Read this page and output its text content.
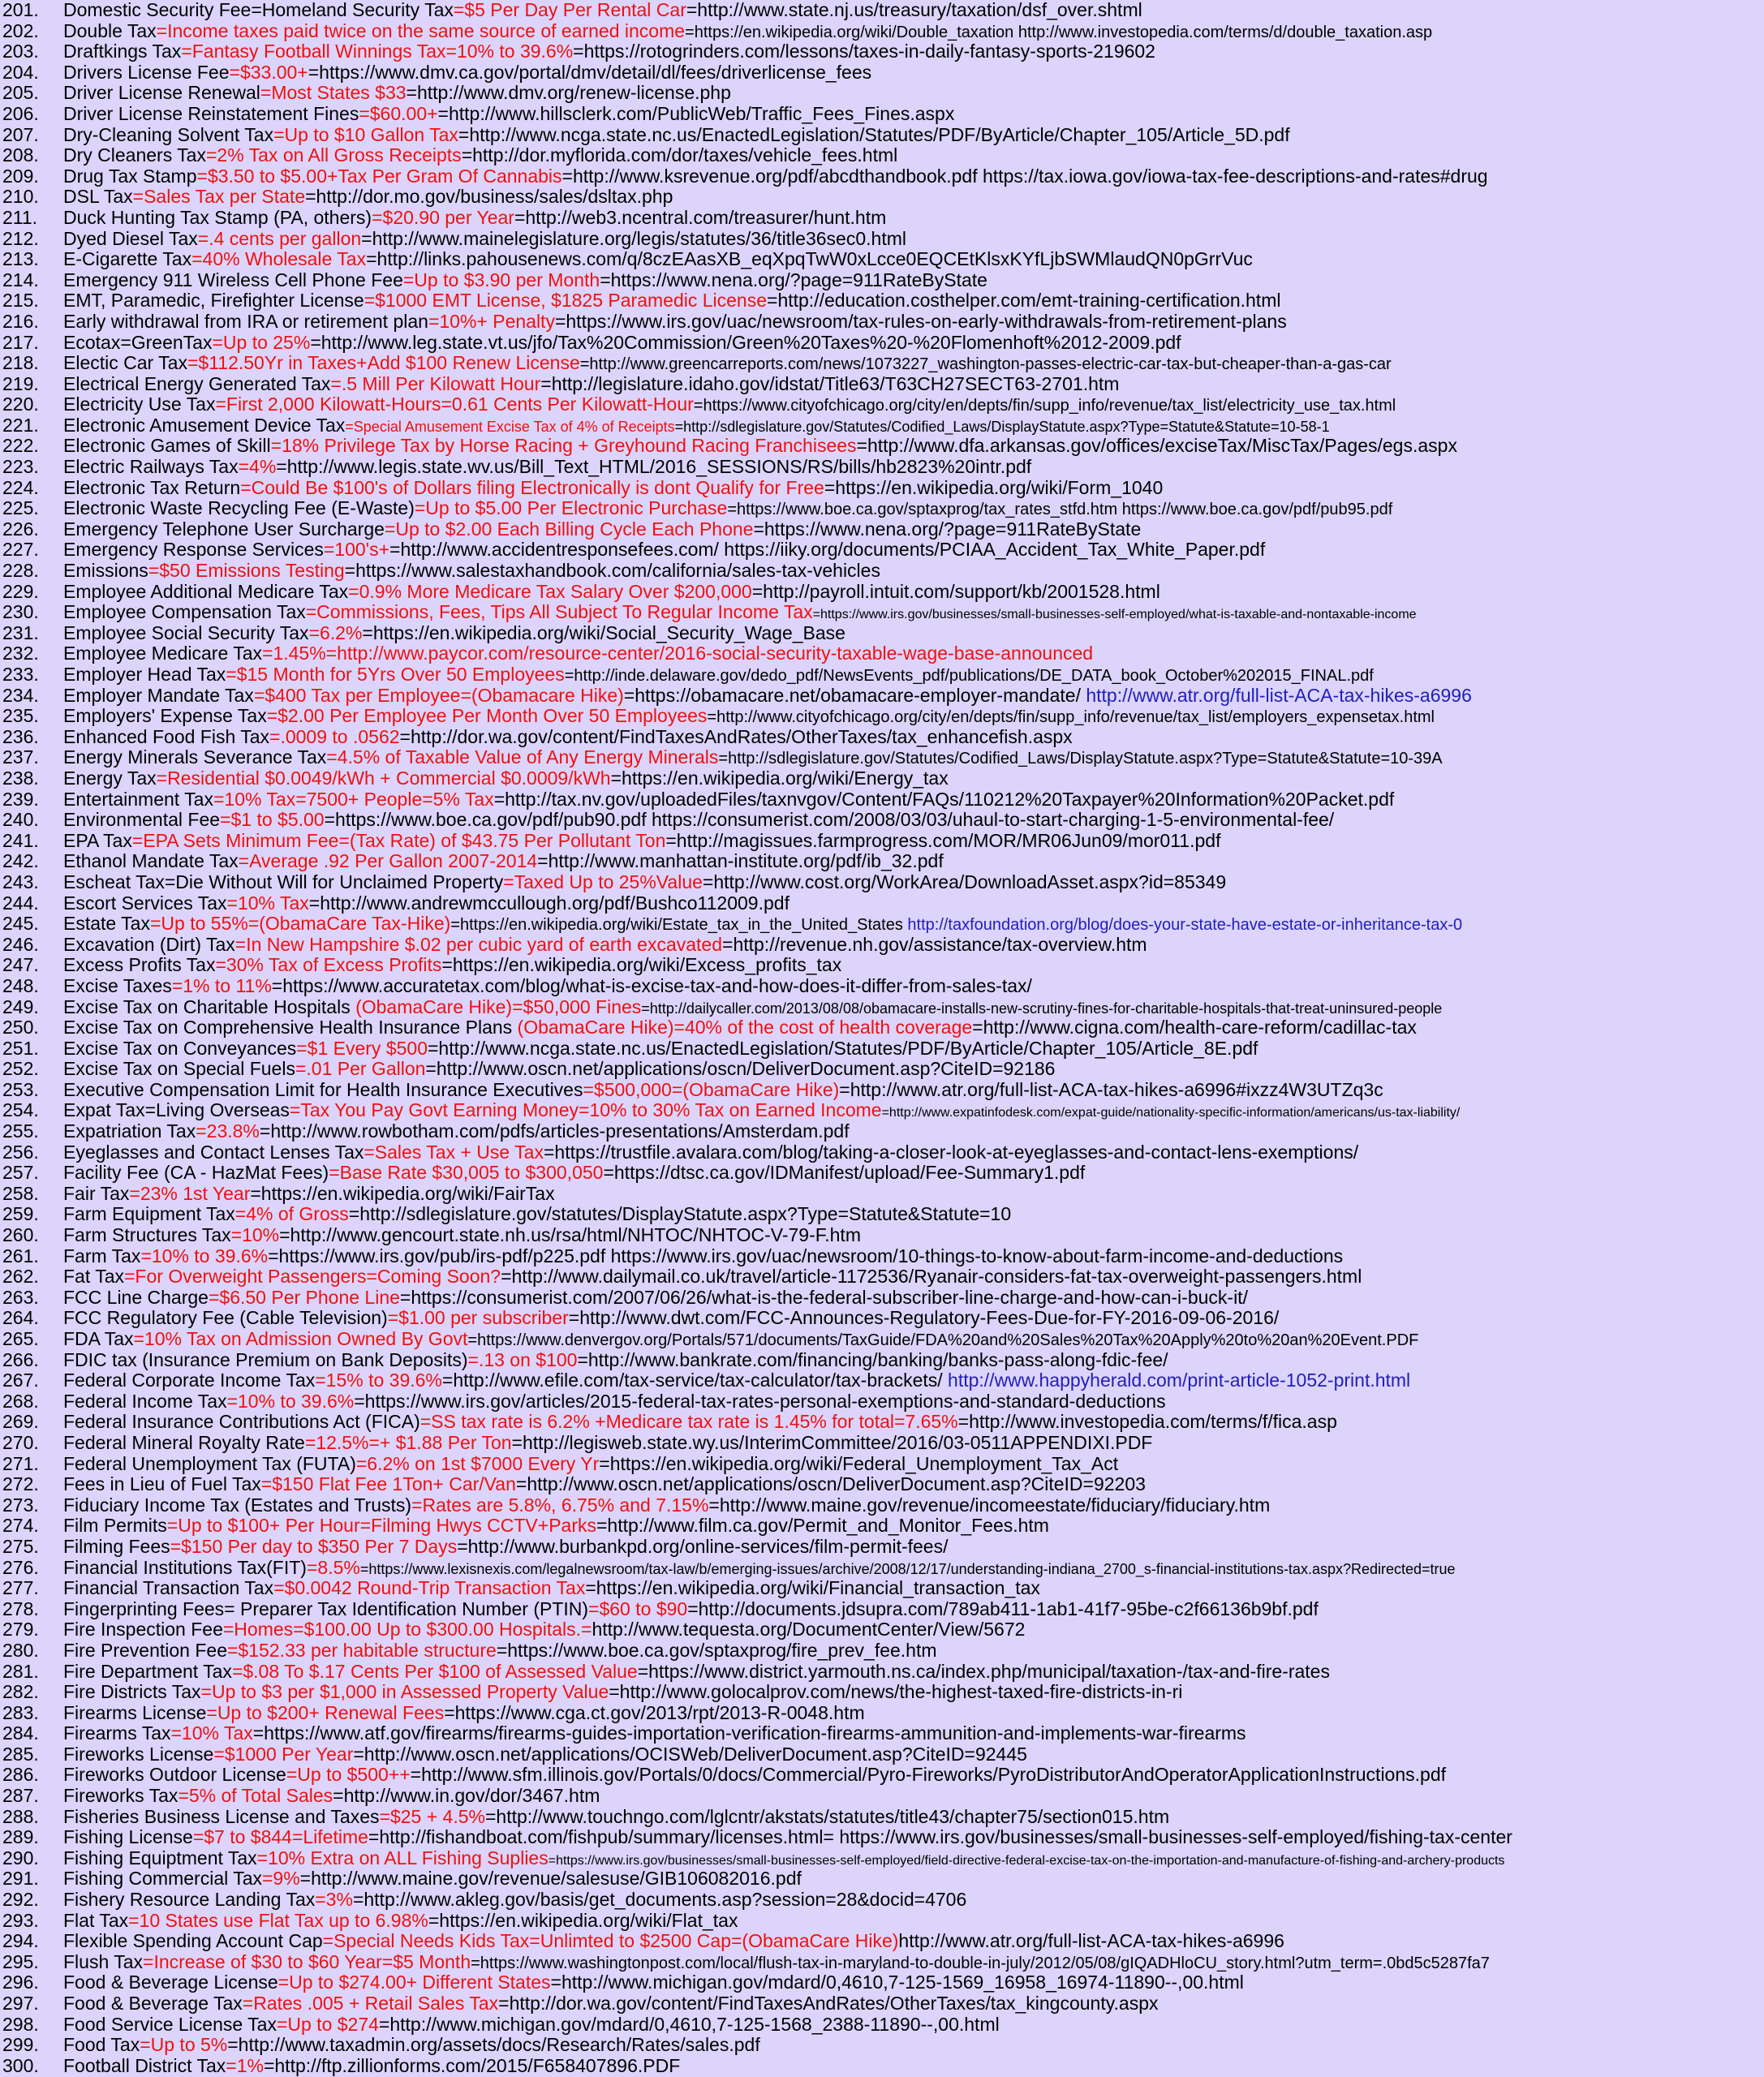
201.	Domestic Security Fee=Homeland Security Tax=$5 Per Day Per Rental Car=http://www.state.nj.us/treasury/taxation/dsf_over.shtml
202.	Double Tax=Income taxes paid twice on the same source of earned income=https://en.wikipedia.org/wiki/Double_taxation http://www.investopedia.com/terms/d/double_taxation.asp
203.	Draftkings Tax=Fantasy Football Winnings Tax=10% to 39.6%=https://rotogrinders.com/lessons/taxes-in-daily-fantasy-sports-219602
204.	Drivers License Fee=$33.00+=https://www.dmv.ca.gov/portal/dmv/detail/dl/fees/driverlicense_fees
205.	Driver License Renewal=Most States $33=http://www.dmv.org/renew-license.php
206.	Driver License Reinstatement Fines=$60.00+=http://www.hillsclerk.com/PublicWeb/Traffic_Fees_Fines.aspx
207.	Dry-Cleaning Solvent Tax=Up to $10 Gallon Tax=http://www.ncga.state.nc.us/EnactedLegislation/Statutes/PDF/ByArticle/Chapter_105/Article_5D.pdf
208.	Dry Cleaners Tax=2% Tax on All Gross Receipts=http://dor.myflorida.com/dor/taxes/vehicle_fees.html
209.	Drug Tax Stamp=$3.50 to $5.00+Tax Per Gram Of Cannabis=http://www.ksrevenue.org/pdf/abcdthandbook.pdf https://tax.iowa.gov/iowa-tax-fee-descriptions-and-rates#drug
210.	DSL Tax=Sales Tax per State=http://dor.mo.gov/business/sales/dsltax.php
211.	Duck Hunting Tax Stamp (PA, others)=$20.90 per Year=http://web3.ncentral.com/treasurer/hunt.htm
212.	Dyed Diesel Tax=.4 cents per gallon=http://www.mainelegislature.org/legis/statutes/36/title36sec0.html
213.	E-Cigarette Tax=40% Wholesale Tax=http://links.pahousenews.com/q/8czEAasXB_eqXpqTwW0xLcce0EQCEtKlsxKYfLjbSWMlaudQN0pGrrVuc
214.	Emergency 911 Wireless Cell Phone Fee=Up to $3.90 per Month=https://www.nena.org/?page=911RateByState
215.	EMT, Paramedic, Firefighter License=$1000 EMT License, $1825 Paramedic License=http://education.costhelper.com/emt-training-certification.html
216.	Early withdrawal from IRA or retirement plan=10%+ Penalty=https://www.irs.gov/uac/newsroom/tax-rules-on-early-withdrawals-from-retirement-plans
217.	Ecotax=GreenTax=Up to 25%=http://www.leg.state.vt.us/jfo/Tax%20Commission/Green%20Taxes%20-%20Flomenhoft%2012-2009.pdf
218.	Electic Car Tax=$112.50Yr in Taxes+Add $100 Renew License=http://www.greencarreports.com/news/1073227_washington-passes-electric-car-tax-but-cheaper-than-a-gas-car
219.	Electrical Energy Generated Tax=.5 Mill Per Kilowatt Hour=http://legislature.idaho.gov/idstat/Title63/T63CH27SECT63-2701.htm
220.	Electricity Use Tax=First 2,000 Kilowatt-Hours=0.61 Cents Per Kilowatt-Hour=https://www.cityofchicago.org/city/en/depts/fin/supp_info/revenue/tax_list/electricity_use_tax.html
221.	Electronic Amusement Device Tax=Special Amusement Excise Tax of 4% of Receipts=http://sdlegislature.gov/Statutes/Codified_Laws/DisplayStatute.aspx?Type=Statute&Statute=10-58-1
222.	Electronic Games of Skill=18% Privilege Tax by Horse Racing + Greyhound Racing Franchisees=http://www.dfa.arkansas.gov/offices/exciseTax/MiscTax/Pages/egs.aspx
223.	Electric Railways Tax=4%=http://www.legis.state.wv.us/Bill_Text_HTML/2016_SESSIONS/RS/bills/hb2823%20intr.pdf
224.	Electronic Tax Return=Could Be $100's of Dollars filing Electronically is dont Qualify for Free=https://en.wikipedia.org/wiki/Form_1040
225.	Electronic Waste Recycling Fee (E-Waste)=Up to $5.00 Per Electronic Purchase=https://www.boe.ca.gov/sptaxprog/tax_rates_stfd.htm https://www.boe.ca.gov/pdf/pub95.pdf
226.	Emergency Telephone User Surcharge=Up to $2.00 Each Billing Cycle Each Phone=https://www.nena.org/?page=911RateByState
227.	Emergency Response Services=100's+=http://www.accidentresponsefees.com/ https://iiky.org/documents/PCIAA_Accident_Tax_White_Paper.pdf
228.	Emissions=$50 Emissions Testing=https://www.salestaxhandbook.com/california/sales-tax-vehicles
229.	Employee Additional Medicare Tax=0.9% More Medicare Tax Salary Over $200,000=http://payroll.intuit.com/support/kb/2001528.html
230.	Employee Compensation Tax=Commissions, Fees, Tips All Subject To Regular Income Tax=https://www.irs.gov/businesses/small-businesses-self-employed/what-is-taxable-and-nontaxable-income
231.	Employee Social Security Tax=6.2%=https://en.wikipedia.org/wiki/Social_Security_Wage_Base
232.	Employee Medicare Tax=1.45%=http://www.paycor.com/resource-center/2016-social-security-taxable-wage-base-announced
233.	Employer Head Tax=$15 Month for 5Yrs Over 50 Employees=http://inde.delaware.gov/dedo_pdf/NewsEvents_pdf/publications/DE_DATA_book_October%202015_FINAL.pdf
234.	Employer Mandate Tax=$400 Tax per Employee=(Obamacare Hike)=https://obamacare.net/obamacare-employer-mandate/ http://www.atr.org/full-list-ACA-tax-hikes-a6996
235.	Employers' Expense Tax=$2.00 Per Employee Per Month Over 50 Employees=http://www.cityofchicago.org/city/en/depts/fin/supp_info/revenue/tax_list/employers_expensetax.html
236.	Enhanced Food Fish Tax=.0009 to .0562=http://dor.wa.gov/content/FindTaxesAndRates/OtherTaxes/tax_enhancefish.aspx
237.	Energy Minerals Severance Tax=4.5% of Taxable Value of Any Energy Minerals=http://sdlegislature.gov/Statutes/Codified_Laws/DisplayStatute.aspx?Type=Statute&Statute=10-39A
238.	Energy Tax=Residential $0.0049/kWh + Commercial $0.0009/kWh=https://en.wikipedia.org/wiki/Energy_tax
239.	Entertainment Tax=10% Tax=7500+ People=5% Tax=http://tax.nv.gov/uploadedFiles/taxnvgov/Content/FAQs/110212%20Taxpayer%20Information%20Packet.pdf
240.	Environmental Fee=$1 to $5.00=https://www.boe.ca.gov/pdf/pub90.pdf https://consumerist.com/2008/03/03/uhaul-to-start-charging-1-5-environmental-fee/
241.	EPA Tax=EPA Sets Minimum Fee=(Tax Rate) of $43.75 Per Pollutant Ton=http://magissues.farmprogress.com/MOR/MR06Jun09/mor011.pdf
242.	Ethanol Mandate Tax=Average .92 Per Gallon 2007-2014=http://www.manhattan-institute.org/pdf/ib_32.pdf
243.	Escheat Tax=Die Without Will for Unclaimed Property=Taxed Up to 25%Value=http://www.cost.org/WorkArea/DownloadAsset.aspx?id=85349
244.	Escort Services Tax=10% Tax=http://www.andrewmccullough.org/pdf/Bushco112009.pdf
245.	Estate Tax=Up to 55%=(ObamaCare Tax-Hike)=https://en.wikipedia.org/wiki/Estate_tax_in_the_United_States http://taxfoundation.org/blog/does-your-state-have-estate-or-inheritance-tax-0
246.	Excavation (Dirt) Tax=In New Hampshire $.02 per cubic yard of earth excavated=http://revenue.nh.gov/assistance/tax-overview.htm
247.	Excess Profits Tax=30% Tax of Excess Profits=https://en.wikipedia.org/wiki/Excess_profits_tax
248.	Excise Taxes=1% to 11%=https://www.accuratetax.com/blog/what-is-excise-tax-and-how-does-it-differ-from-sales-tax/
249.	Excise Tax on Charitable Hospitals (ObamaCare Hike)=$50,000 Fines=http://dailycaller.com/2013/08/08/obamacare-installs-new-scrutiny-fines-for-charitable-hospitals-that-treat-uninsured-people
250.	Excise Tax on Comprehensive Health Insurance Plans (ObamaCare Hike)=40% of the cost of health coverage=http://www.cigna.com/health-care-reform/cadillac-tax
251.	Excise Tax on Conveyances=$1 Every $500=http://www.ncga.state.nc.us/EnactedLegislation/Statutes/PDF/ByArticle/Chapter_105/Article_8E.pdf
252.	Excise Tax on Special Fuels=.01 Per Gallon=http://www.oscn.net/applications/oscn/DeliverDocument.asp?CiteID=92186
253.	Executive Compensation Limit for Health Insurance Executives=$500,000=(ObamaCare Hike)=http://www.atr.org/full-list-ACA-tax-hikes-a6996#ixzz4W3UTZq3c
254.	Expat Tax=Living Overseas=Tax You Pay Govt Earning Money=10% to 30% Tax on Earned Income=http://www.expatinfodesk.com/expat-guide/nationality-specific-information/americans/us-tax-liability/
255.	Expatriation Tax=23.8%=http://www.rowbotham.com/pdfs/articles-presentations/Amsterdam.pdf
256.	Eyeglasses and Contact Lenses Tax=Sales Tax + Use Tax=https://trustfile.avalara.com/blog/taking-a-closer-look-at-eyeglasses-and-contact-lens-exemptions/
257.	Facility Fee (CA - HazMat Fees)=Base Rate $30,005 to $300,050=https://dtsc.ca.gov/IDManifest/upload/Fee-Summary1.pdf
258.	Fair Tax=23% 1st Year=https://en.wikipedia.org/wiki/FairTax
259.	Farm Equipment Tax=4% of Gross=http://sdlegislature.gov/statutes/DisplayStatute.aspx?Type=Statute&Statute=10
260.	Farm Structures Tax=10%=http://www.gencourt.state.nh.us/rsa/html/NHTOC/NHTOC-V-79-F.htm
261.	Farm Tax=10% to 39.6%=https://www.irs.gov/pub/irs-pdf/p225.pdf https://www.irs.gov/uac/newsroom/10-things-to-know-about-farm-income-and-deductions
262.	Fat Tax=For Overweight Passengers=Coming Soon?=http://www.dailymail.co.uk/travel/article-1172536/Ryanair-considers-fat-tax-overweight-passengers.html
263.	FCC Line Charge=$6.50 Per Phone Line=https://consumerist.com/2007/06/26/what-is-the-federal-subscriber-line-charge-and-how-can-i-buck-it/
264.	FCC Regulatory Fee (Cable Television)=$1.00 per subscriber=http://www.dwt.com/FCC-Announces-Regulatory-Fees-Due-for-FY-2016-09-06-2016/
265.	FDA Tax=10% Tax on Admission Owned By Govt=https://www.denvergov.org/Portals/571/documents/TaxGuide/FDA%20and%20Sales%20Tax%20Apply%20to%20an%20Event.PDF
266.	FDIC tax (Insurance Premium on Bank Deposits)=.13 on $100=http://www.bankrate.com/financing/banking/banks-pass-along-fdic-fee/
267.	Federal Corporate Income Tax=15% to 39.6%=http://www.efile.com/tax-service/tax-calculator/tax-brackets/ http://www.happyherald.com/print-article-1052-print.html
268.	Federal Income Tax=10% to 39.6%=https://www.irs.gov/articles/2015-federal-tax-rates-personal-exemptions-and-standard-deductions
269.	Federal Insurance Contributions Act (FICA)=SS tax rate is 6.2% +Medicare tax rate is 1.45% for total=7.65%=http://www.investopedia.com/terms/f/fica.asp
270.	Federal Mineral Royalty Rate=12.5%=+ $1.88 Per Ton=http://legisweb.state.wy.us/InterimCommittee/2016/03-0511APPENDIXI.PDF
271.	Federal Unemployment Tax (FUTA)=6.2% on 1st $7000 Every Yr=https://en.wikipedia.org/wiki/Federal_Unemployment_Tax_Act
272.	Fees in Lieu of Fuel Tax=$150 Flat Fee 1Ton+ Car/Van=http://www.oscn.net/applications/oscn/DeliverDocument.asp?CiteID=92203
273.	Fiduciary Income Tax (Estates and Trusts)=Rates are 5.8%, 6.75% and 7.15%=http://www.maine.gov/revenue/incomeestate/fiduciary/fiduciary.htm
274.	Film Permits=Up to $100+ Per Hour=Filming Hwys CCTV+Parks=http://www.film.ca.gov/Permit_and_Monitor_Fees.htm
275.	Filming Fees=$150 Per day to $350 Per 7 Days=http://www.burbankpd.org/online-services/film-permit-fees/
276.	Financial Institutions Tax(FIT)=8.5%=https://www.lexisnexis.com/legalnewsroom/tax-law/b/emerging-issues/archive/2008/12/17/understanding-indiana_2700_s-financial-institutions-tax.aspx?Redirected=true
277.	Financial Transaction Tax=$0.0042 Round-Trip Transaction Tax=https://en.wikipedia.org/wiki/Financial_transaction_tax
278.	Fingerprinting Fees= Preparer Tax Identification Number (PTIN)=$60 to $90=http://documents.jdsupra.com/789ab411-1ab1-41f7-95be-c2f66136b9bf.pdf
279.	Fire Inspection Fee=Homes=$100.00 Up to $300.00 Hospitals.=http://www.tequesta.org/DocumentCenter/View/5672
280.	Fire Prevention Fee=$152.33 per habitable structure=https://www.boe.ca.gov/sptaxprog/fire_prev_fee.htm
281.	Fire Department Tax=$.08 To $.17 Cents Per $100 of Assessed Value=https://www.district.yarmouth.ns.ca/index.php/municipal/taxation-/tax-and-fire-rates
282.	Fire Districts Tax=Up to $3 per $1,000 in Assessed Property Value=http://www.golocalprov.com/news/the-highest-taxed-fire-districts-in-ri
283.	Firearms License=Up to $200+ Renewal Fees=https://www.cga.ct.gov/2013/rpt/2013-R-0048.htm
284.	Firearms Tax=10% Tax=https://www.atf.gov/firearms/firearms-guides-importation-verification-firearms-ammunition-and-implements-war-firearms
285.	Fireworks License=$1000 Per Year=http://www.oscn.net/applications/OCISWeb/DeliverDocument.asp?CiteID=92445
286.	Fireworks Outdoor License=Up to $500++=http://www.sfm.illinois.gov/Portals/0/docs/Commercial/Pyro-Fireworks/PyroDistributorAndOperatorApplicationInstructions.pdf
287.	Fireworks Tax=5% of Total Sales=http://www.in.gov/dor/3467.htm
288.	Fisheries Business License and Taxes=$25 + 4.5%=http://www.touchngo.com/lglcntr/akstats/statutes/title43/chapter75/section015.htm
289.	Fishing License=$7 to $844=Lifetime=http://fishandboat.com/fishpub/summary/licenses.html= https://www.irs.gov/businesses/small-businesses-self-employed/fishing-tax-center
290.	Fishing Equiptment Tax=10% Extra on ALL Fishing Suplies=https://www.irs.gov/businesses/small-businesses-self-employed/field-directive-federal-excise-tax-on-the-importation-and-manufacture-of-fishing-and-archery-products
291.	Fishing Commercial Tax=9%=http://www.maine.gov/revenue/salesuse/GIB106082016.pdf
292.	Fishery Resource Landing Tax=3%=http://www.akleg.gov/basis/get_documents.asp?session=28&docid=4706
293.	Flat Tax=10 States use Flat Tax up to 6.98%=https://en.wikipedia.org/wiki/Flat_tax
294.	Flexible Spending Account Cap=Special Needs Kids Tax=Unlimted to $2500 Cap=(ObamaCare Hike)http://www.atr.org/full-list-ACA-tax-hikes-a6996
295.	Flush Tax=Increase of $30 to $60 Year=$5 Month=https://www.washingtonpost.com/local/flush-tax-in-maryland-to-double-in-july/2012/05/08/gIQADHloCU_story.html?utm_term=.0bd5c5287fa7
296.	Food & Beverage License=Up to $274.00+ Different States=http://www.michigan.gov/mdard/0,4610,7-125-1569_16958_16974-11890--,00.html
297.	Food & Beverage Tax=Rates .005 + Retail Sales Tax=http://dor.wa.gov/content/FindTaxesAndRates/OtherTaxes/tax_kingcounty.aspx
298.	Food Service License Tax=Up to $274=http://www.michigan.gov/mdard/0,4610,7-125-1568_2388-11890--,00.html
299.	Food Tax=Up to 5%=http://www.taxadmin.org/assets/docs/Research/Rates/sales.pdf
300.	Football District Tax=1%=http://ftp.zillionforms.com/2015/F658407896.PDF
